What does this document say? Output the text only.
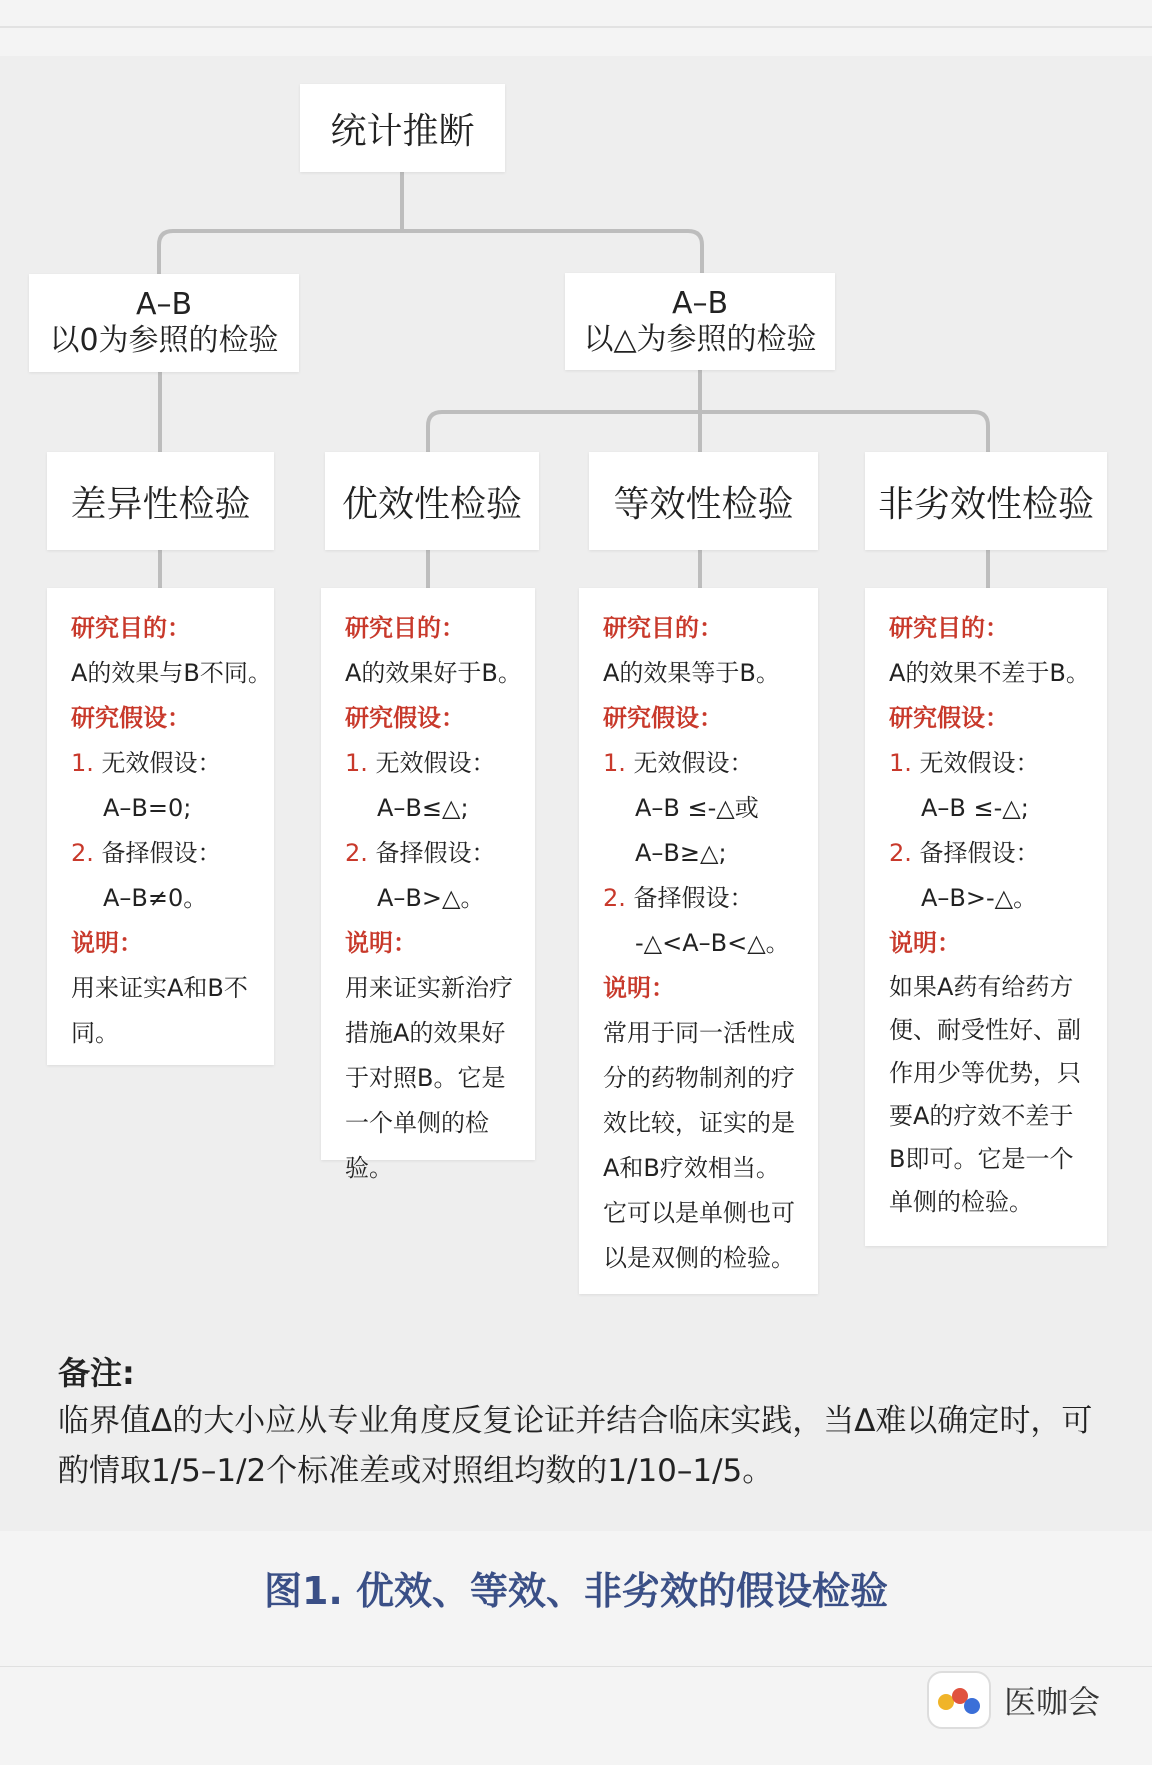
统计推断
A–B
以0为参照的检验
A–B
以△为参照的检验
差异性检验	优效性检验	等效性检验 非劣效性检验
研究目的：
A的效果与B不同。
研究假设：
1. 无效假设：
A–B=0;
2. 备择假设：
A–B≠0。
说明：
用来证实A和B不同。
研究目的：
A的效果好于B。
研究假设：
1. 无效假设：
A–B≤△;
2. 备择假设：
A–B>△。
说明：
用来证实新治疗措施A的效果好于对照B。它是一个单侧的检验。
研究目的：
A的效果等于B。
研究假设：
1. 无效假设：
A–B ≤-△或
A–B≥△;
2. 备择假设：
-△<A–B<△。
说明：
常用于同一活性成分的药物制剂的疗效比较，证实的是A和B疗效相当。它可以是单侧也可以是双侧的检验。
研究目的：
A的效果不差于B。
研究假设：
1. 无效假设：
A–B ≤-△;
2. 备择假设：
A–B>-△。
说明：
如果A药有给药方便、耐受性好、副作用少等优势，只要A的疗效不差于B即可。它是一个单侧的检验。
备注:
临界值Δ的大小应从专业角度反复论证并结合临床实践，当Δ难以确定时，可酌情取1/5–1/2个标准差或对照组均数的1/10–1/5。
图1. 优效、等效、非劣效的假设检验
医咖会
